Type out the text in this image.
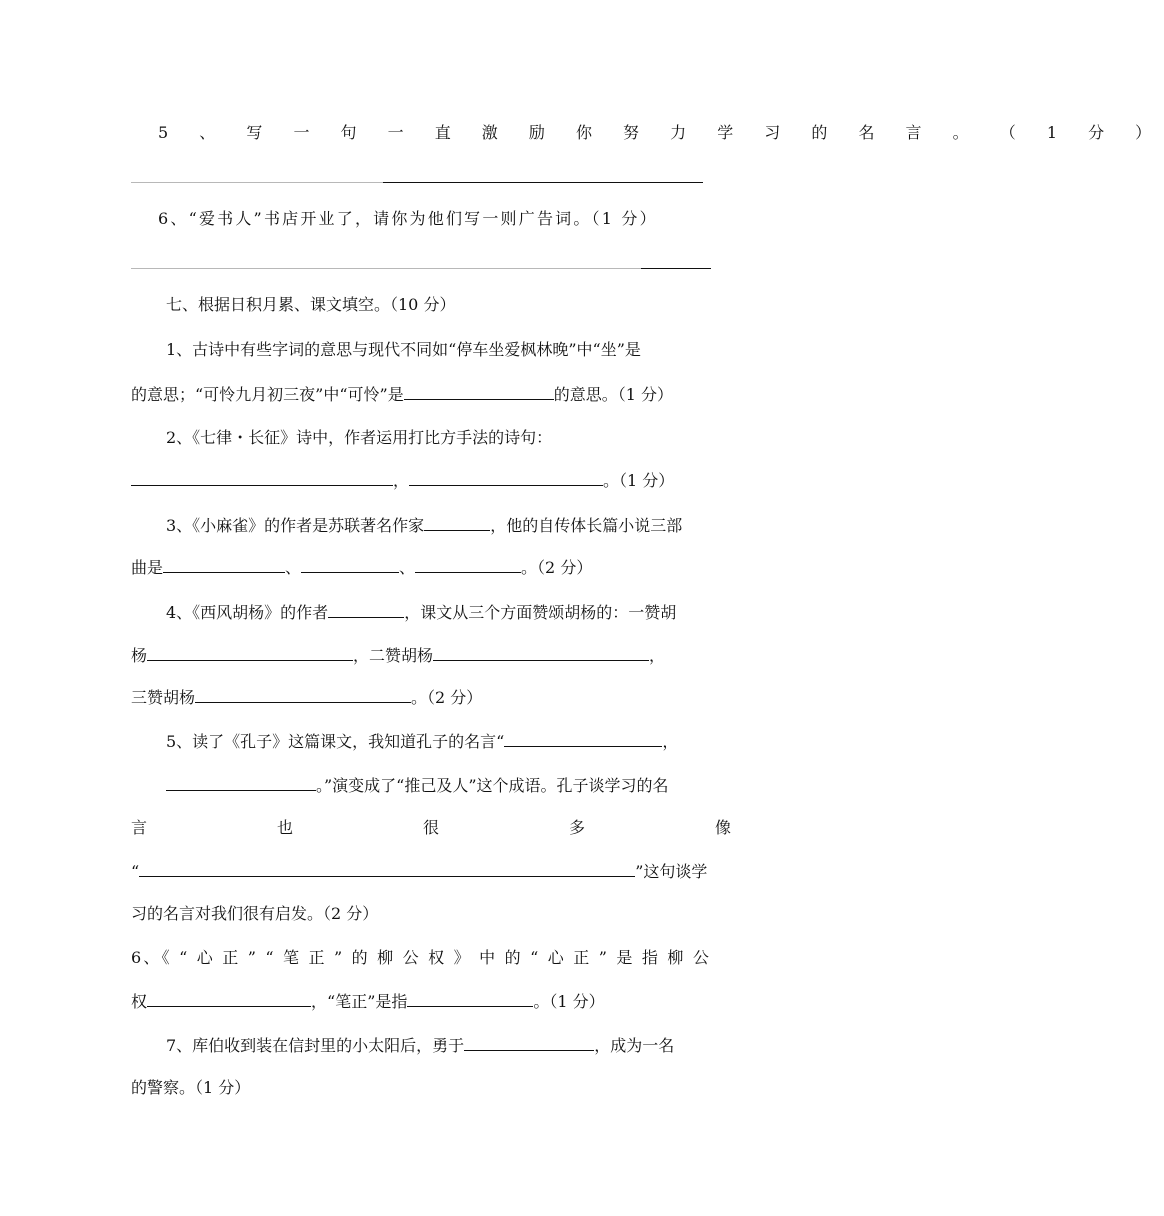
5 、 写 一 句 一 直 激 励 你 努 力 学 习 的 名 言 。 （ 1 分 ）
6、“爱书人”书店开业了，请你为他们写一则广告词。（1 分）
七、根据日积月累、课文填空。（10 分）
1、古诗中有些字词的意思与现代不同如“停车坐爱枫林晚”中“坐”是
的意思；“可怜九月初三夜”中“可怜”是	的意思。（1 分）
2、《七律・长征》诗中，作者运用打比方手法的诗句：
，	。（1 分）
3、《小麻雀》的作者是苏联著名作家	，他的自传体长篇小说三部
曲是	、	、	。（2 分）
4、《西风胡杨》的作者	，课文从三个方面赞颂胡杨的：一赞胡
杨	，二赞胡杨	，
三赞胡杨	。（2 分）
5、读了《孔子》这篇课文，我知道孔子的名言“	，
。”演变成了“推己及人”这个成语。孔子谈学习的名
言	也	很	多	像
“	”这句谈学
习的名言对我们很有启发。（2 分）
6、《 “ 心 正 ” “ 笔 正 ” 的 柳 公 权 》 中 的 “ 心 正 ” 是 指 柳 公
权	，“笔正”是指	。（1 分）
7、库伯收到装在信封里的小太阳后，勇于	，成为一名
的警察。（1 分）
